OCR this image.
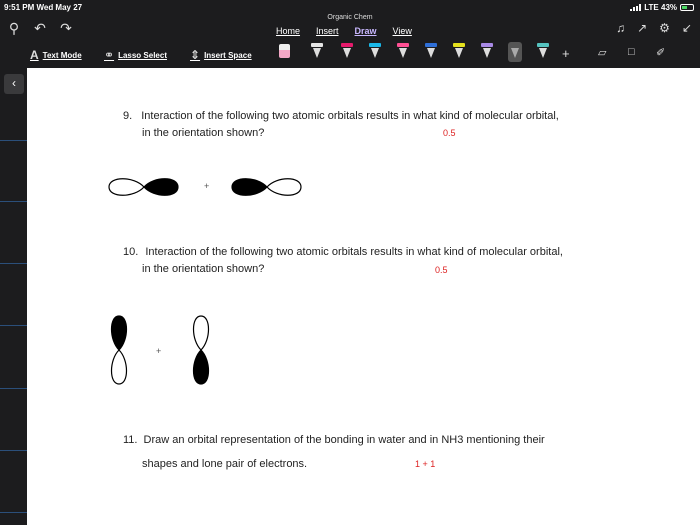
9:51 PM Wed May 27	LTE 43%
⚲ ↶ ↷
Organic Chem
Home Insert Draw View	♫ ↗ ⚙ ↙
A Text Mode ⚭ Lasso Select ⇕ Insert Space	+	▱ □ ✐
‹
9. Interaction of the following two atomic orbitals results in what kind of molecular orbital,
in the orientation shown?	0.5
+
10. Interaction of the following two atomic orbitals results in what kind of molecular orbital,
in the orientation shown?	0.5
+
11. Draw an orbital representation of the bonding in water and in NH3 mentioning their
shapes and lone pair of electrons.	1 + 1
